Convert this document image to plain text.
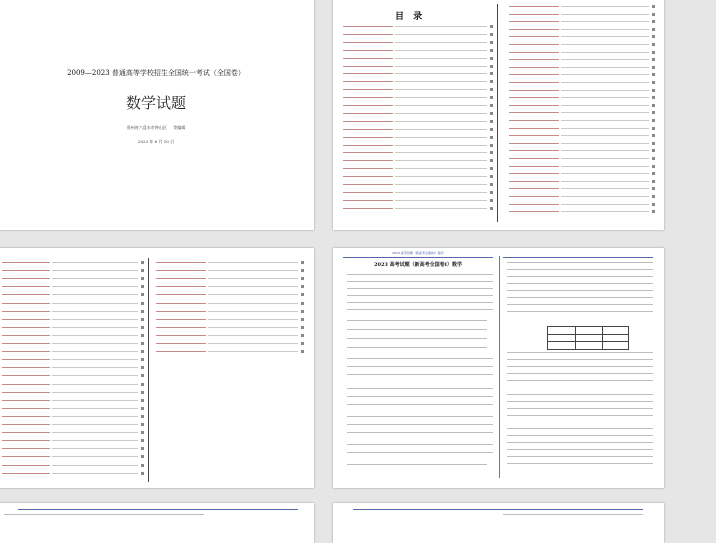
2009—2023 普通高等学校招生全国统一考试（全国卷）
数学试题
贵州省六盘水市钟山区 　 等编辑
2023 年 6 月 10 日
目 录
2023 高考试题（新高考全国卷Ⅰ）数学
2023 高考试题（新高考全国卷Ⅰ）数学
